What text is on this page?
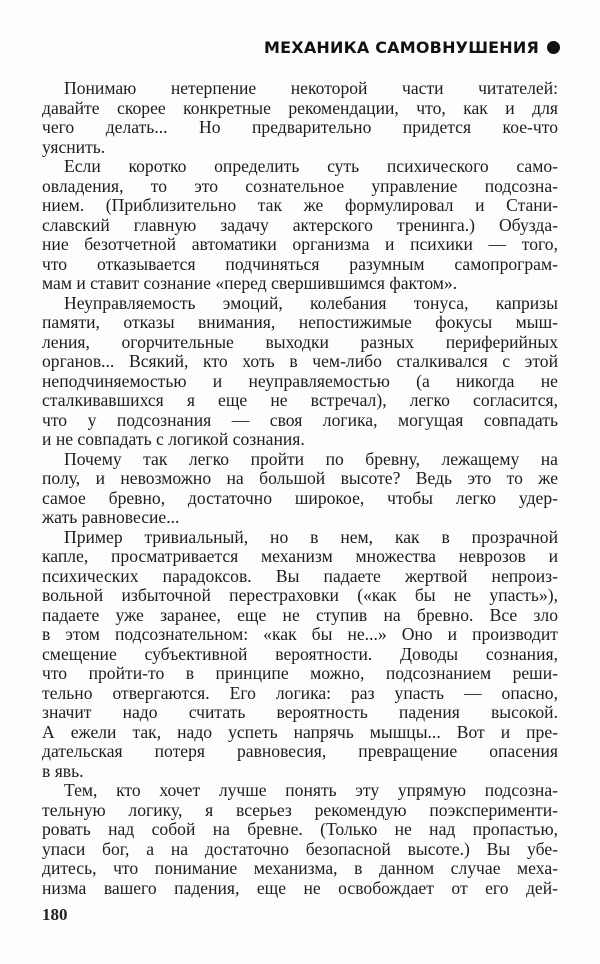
МЕХАНИКА САМОВНУШЕНИЯ
Понимаю нетерпение некоторой части читателей:
давайте скорее конкретные рекомендации, что, как и для
чего делать... Но предварительно придется кое-что
уяснить.
Если коротко определить суть психического само-
овладения, то это сознательное управление подсозна-
нием. (Приблизительно так же формулировал и Стани-
славский главную задачу актерского тренинга.) Обузда-
ние безотчетной автоматики организма и психики — того,
что отказывается подчиняться разумным самопрограм-
мам и ставит сознание «перед свершившимся фактом».
Неуправляемость эмоций, колебания тонуса, капризы
памяти, отказы внимания, непостижимые фокусы мыш-
ления, огорчительные выходки разных периферийных
органов... Всякий, кто хоть в чем-либо сталкивался с этой
неподчиняемостью и неуправляемостью (а никогда не
сталкивавшихся я еще не встречал), легко согласится,
что у подсознания — своя логика, могущая совпадать
и не совпадать с логикой сознания.
Почему так легко пройти по бревну, лежащему на
полу, и невозможно на большой высоте? Ведь это то же
самое бревно, достаточно широкое, чтобы легко удер-
жать равновесие...
Пример тривиальный, но в нем, как в прозрачной
капле, просматривается механизм множества неврозов и
психических парадоксов. Вы падаете жертвой непроиз-
вольной избыточной перестраховки («как бы не упасть»),
падаете уже заранее, еще не ступив на бревно. Все зло
в этом подсознательном: «как бы не...» Оно и производит
смещение субъективной вероятности. Доводы сознания,
что пройти-то в принципе можно, подсознанием реши-
тельно отвергаются. Его логика: раз упасть — опасно,
значит надо считать вероятность падения высокой.
А ежели так, надо успеть напрячь мышцы... Вот и пре-
дательская потеря равновесия, превращение опасения
в явь.
Тем, кто хочет лучше понять эту упрямую подсозна-
тельную логику, я всерьез рекомендую поэксперименти-
ровать над собой на бревне. (Только не над пропастью,
упаси бог, а на достаточно безопасной высоте.) Вы убе-
дитесь, что понимание механизма, в данном случае меха-
низма вашего падения, еще не освобождает от его дей-
180
